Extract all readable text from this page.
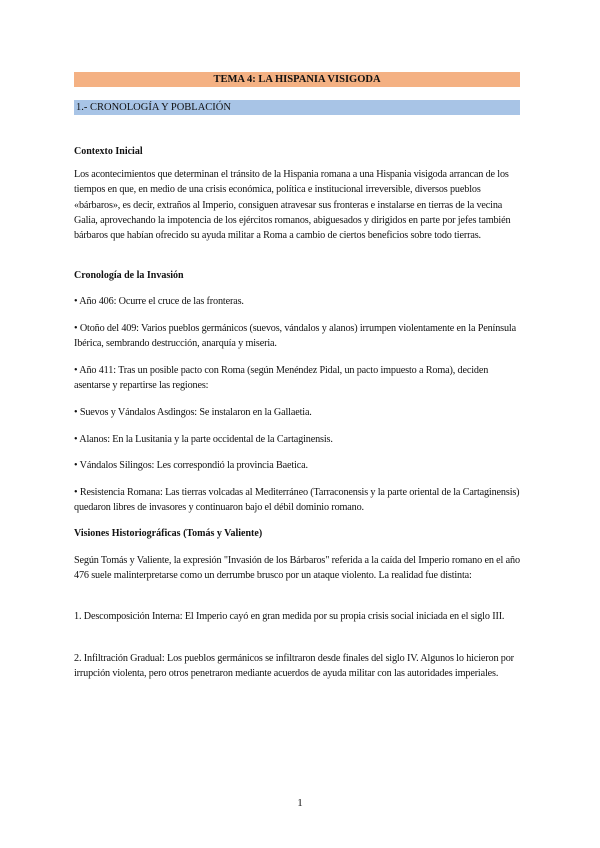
TEMA 4: LA HISPANIA VISIGODA
1.- CRONOLOGÍA Y POBLACIÓN
Contexto Inicial
Los acontecimientos que determinan el tránsito de la Hispania romana a una Hispania visigoda arrancan de los tiempos en que, en medio de una crisis económica, política e institucional irreversible, diversos pueblos «bárbaros», es decir, extraños al Imperio, consiguen atravesar sus fronteras e instalarse en tierras de la vecina Galia, aprovechando la impotencia de los ejércitos romanos, abiguesados y dirigidos en parte por jefes también bárbaros que habían ofrecido su ayuda militar a Roma a cambio de ciertos beneficios sobre todo tierras.
Cronología de la Invasión
• Año 406: Ocurre el cruce de las fronteras.
• Otoño del 409: Varios pueblos germánicos (suevos, vándalos y alanos) irrumpen violentamente en la Península Ibérica, sembrando destrucción, anarquía y miseria.
• Año 411: Tras un posible pacto con Roma (según Menéndez Pidal, un pacto impuesto a Roma), deciden asentarse y repartirse las regiones:
• Suevos y Vándalos Asdingos: Se instalaron en la Gallaetia.
• Alanos: En la Lusitania y la parte occidental de la Cartaginensis.
• Vándalos Silingos: Les correspondió la provincia Baetica.
• Resistencia Romana: Las tierras volcadas al Mediterráneo (Tarraconensis y la parte oriental de la Cartaginensis) quedaron libres de invasores y continuaron bajo el débil dominio romano.
Visiones Historiográficas (Tomás y Valiente)
Según Tomás y Valiente, la expresión "Invasión de los Bárbaros" referida a la caída del Imperio romano en el año 476 suele malinterpretarse como un derrumbe brusco por un ataque violento. La realidad fue distinta:
1. Descomposición Interna: El Imperio cayó en gran medida por su propia crisis social iniciada en el siglo III.
2. Infiltración Gradual: Los pueblos germánicos se infiltraron desde finales del siglo IV. Algunos lo hicieron por irrupción violenta, pero otros penetraron mediante acuerdos de ayuda militar con las autoridades imperiales.
1
